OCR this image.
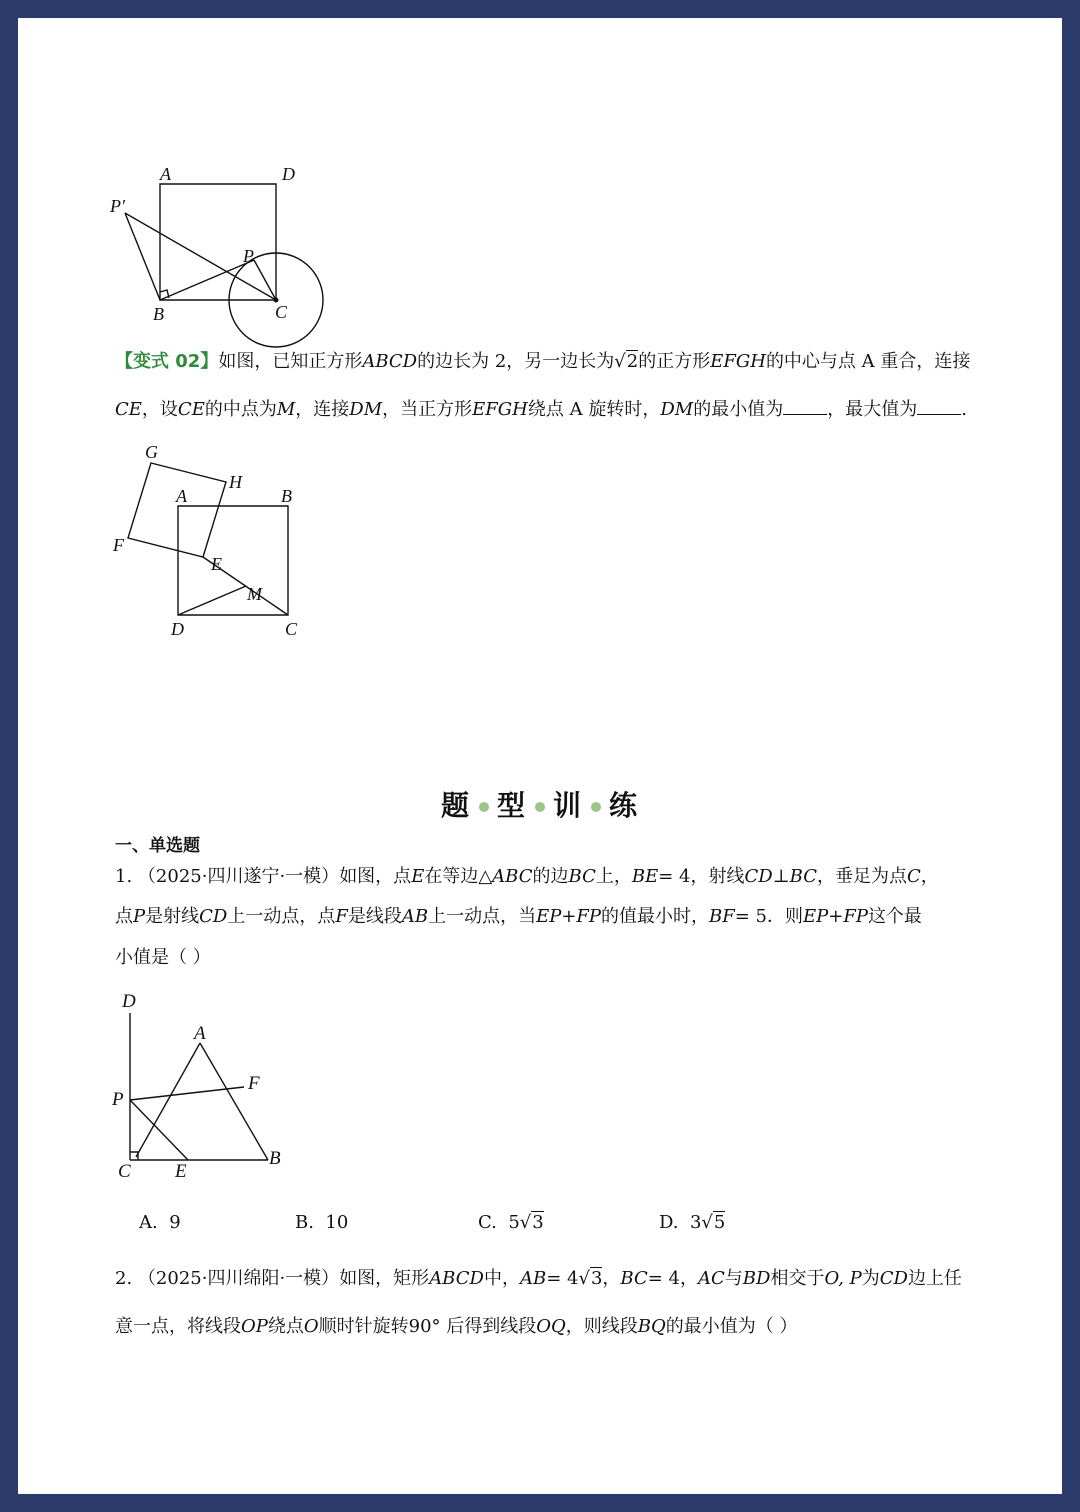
A	D
P′
P
B	C
【变式 02】如图，已知正方形ABCD的边长为 2，另一边长为√2的正方形EFGH的中心与点 A 重合，连接
CE，设CE的中点为M，连接DM，当正方形EFGH绕点 A 旋转时，DM的最小值为 ，最大值为 .
G
H
A	B
F
E
M
D	C
题 型 训 练
一、单选题
1. （2025·四川遂宁·一模）如图，点E在等边△ABC的边BC上，BE= 4，射线CD⊥BC，垂足为点C，
点P是射线CD上一动点，点F是线段AB上一动点，当EP+FP的值最小时，BF= 5．则EP+FP这个最
小值是（ ）
D
A
F
P
C E
B
A. 9	B. 10	C. 5√3	D. 3√5
2. （2025·四川绵阳·一模）如图，矩形ABCD中，AB= 4√3，BC= 4，AC与BD相交于O, P为CD边上任
意一点，将线段OP绕点O顺时针旋转90° 后得到线段OQ，则线段BQ的最小值为（ ）
